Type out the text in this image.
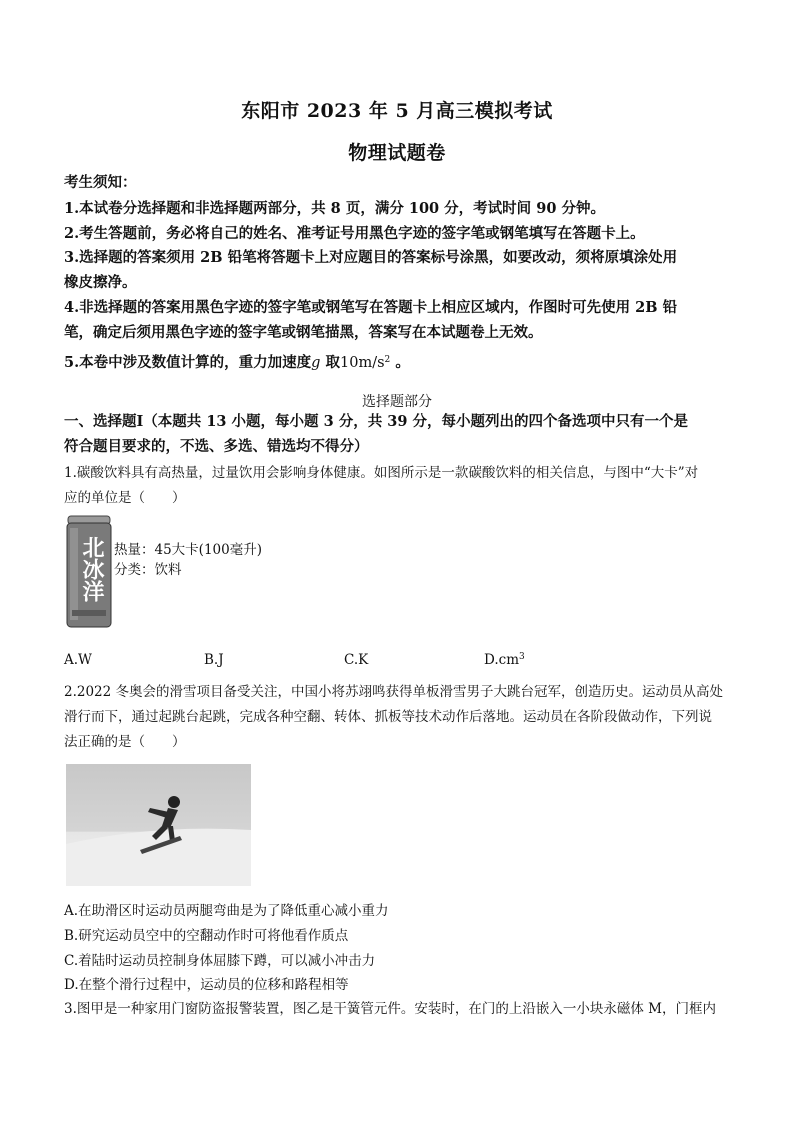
东阳市 2023 年 5 月高三模拟考试
物理试题卷
考生须知：
1.本试卷分选择题和非选择题两部分，共 8 页，满分 100 分，考试时间 90 分钟。
2.考生答题前，务必将自己的姓名、准考证号用黑色字迹的签字笔或钢笔填写在答题卡上。
3.选择题的答案须用 2B 铅笔将答题卡上对应题目的答案标号涂黑，如要改动，须将原填涂处用
橡皮擦净。
4.非选择题的答案用黑色字迹的签字笔或钢笔写在答题卡上相应区域内，作图时可先使用 2B 铅
笔，确定后须用黑色字迹的签字笔或钢笔描黑，答案写在本试题卷上无效。
5.本卷中涉及数值计算的，重力加速度g 取$10m/s^2$ 。
选择题部分
一、选择题Ⅰ（本题共 13 小题，每小题 3 分，共 39 分，每小题列出的四个备选项中只有一个是
符合题目要求的，不选、多选、错选均不得分）
1.碳酸饮料具有高热量，过量饮用会影响身体健康。如图所示是一款碳酸饮料的相关信息，与图中“大卡”对
应的单位是（　　）
北冰洋 热量：45大卡(100毫升)
分类：饮料
A.W	B.J	C.K	$D.cm^3$
2.2022 冬奥会的滑雪项目备受关注，中国小将苏翊鸣获得单板滑雪男子大跳台冠军，创造历史。运动员从高处
滑行而下，通过起跳台起跳，完成各种空翻、转体、抓板等技术动作后落地。运动员在各阶段做动作，下列说
法正确的是（　　）
A.在助滑区时运动员两腿弯曲是为了降低重心减小重力
B.研究运动员空中的空翻动作时可将他看作质点
C.着陆时运动员控制身体屈膝下蹲，可以减小冲击力
D.在整个滑行过程中，运动员的位移和路程相等
3.图甲是一种家用门窗防盗报警装置，图乙是干簧管元件。安装时，在门的上沿嵌入一小块永磁体 M，门框内
